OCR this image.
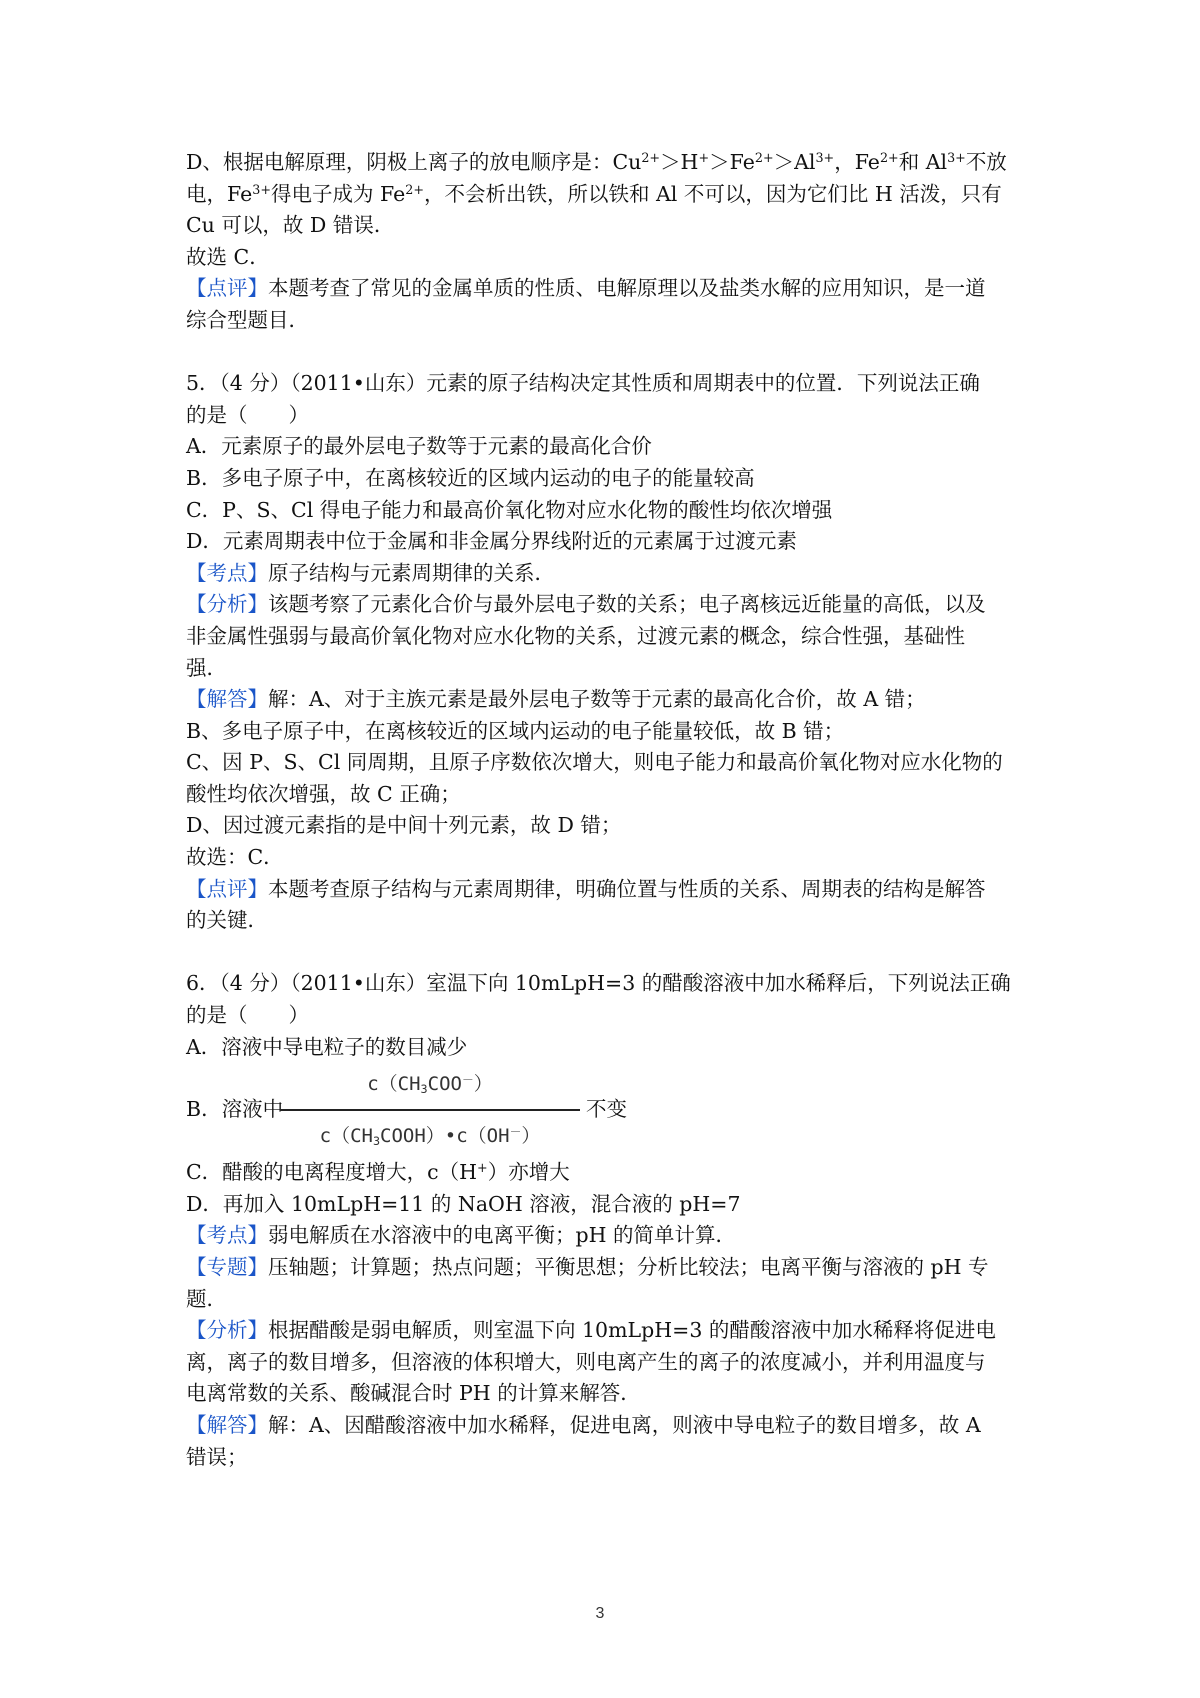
D、根据电解原理，阴极上离子的放电顺序是：$Cu^{2+}>H^+>Fe^{2+}>Al^{3+}$，$Fe^{2+}$和 $Al^{3+}$不放
电，$Fe^{3+}$得电子成为 $Fe^{2+}$，不会析出铁，所以铁和 Al 不可以，因为它们比 H 活泼，只有
Cu 可以，故 D 错误．
故选 C．
【点评】本题考查了常见的金属单质的性质、电解原理以及盐类水解的应用知识，是一道
综合型题目．
5．（4 分）（2011•山东）元素的原子结构决定其性质和周期表中的位置．下列说法正确
的是（　　）
A．元素原子的最外层电子数等于元素的最高化合价
B．多电子原子中，在离核较近的区域内运动的电子的能量较高
C．P、S、Cl 得电子能力和最高价氧化物对应水化物的酸性均依次增强
D．元素周期表中位于金属和非金属分界线附近的元素属于过渡元素
【考点】原子结构与元素周期律的关系．
【分析】该题考察了元素化合价与最外层电子数的关系；电子离核远近能量的高低，以及
非金属性强弱与最高价氧化物对应水化物的关系，过渡元素的概念，综合性强，基础性
强．
【解答】解：A、对于主族元素是最外层电子数等于元素的最高化合价，故 A 错；
B、多电子原子中，在离核较近的区域内运动的电子能量较低，故 B 错；
C、因 P、S、Cl 同周期，且原子序数依次增大，则电子能力和最高价氧化物对应水化物的
酸性均依次增强，故 C 正确；
D、因过渡元素指的是中间十列元素，故 D 错；
故选：C．
【点评】本题考查原子结构与元素周期律，明确位置与性质的关系、周期表的结构是解答
的关键．
6．（4 分）（2011•山东）室温下向 10mLpH=3 的醋酸溶液中加水稀释后，下列说法正确
的是（　　）
A．溶液中导电粒子的数目减少
B．溶液中
$c(CH_3COO^-)$
$c(CH_3COOH)•c(OH^-)$
不变
C．醋酸的电离程度增大，c（H+）亦增大
D．再加入 10mLpH=11 的 NaOH 溶液，混合液的 pH=7
【考点】弱电解质在水溶液中的电离平衡；pH 的简单计算．
【专题】压轴题；计算题；热点问题；平衡思想；分析比较法；电离平衡与溶液的 pH 专
题．
【分析】根据醋酸是弱电解质，则室温下向 10mLpH=3 的醋酸溶液中加水稀释将促进电
离，离子的数目增多，但溶液的体积增大，则电离产生的离子的浓度减小，并利用温度与
电离常数的关系、酸碱混合时 PH 的计算来解答．
【解答】解：A、因醋酸溶液中加水稀释，促进电离，则液中导电粒子的数目增多，故 A
错误；
3
